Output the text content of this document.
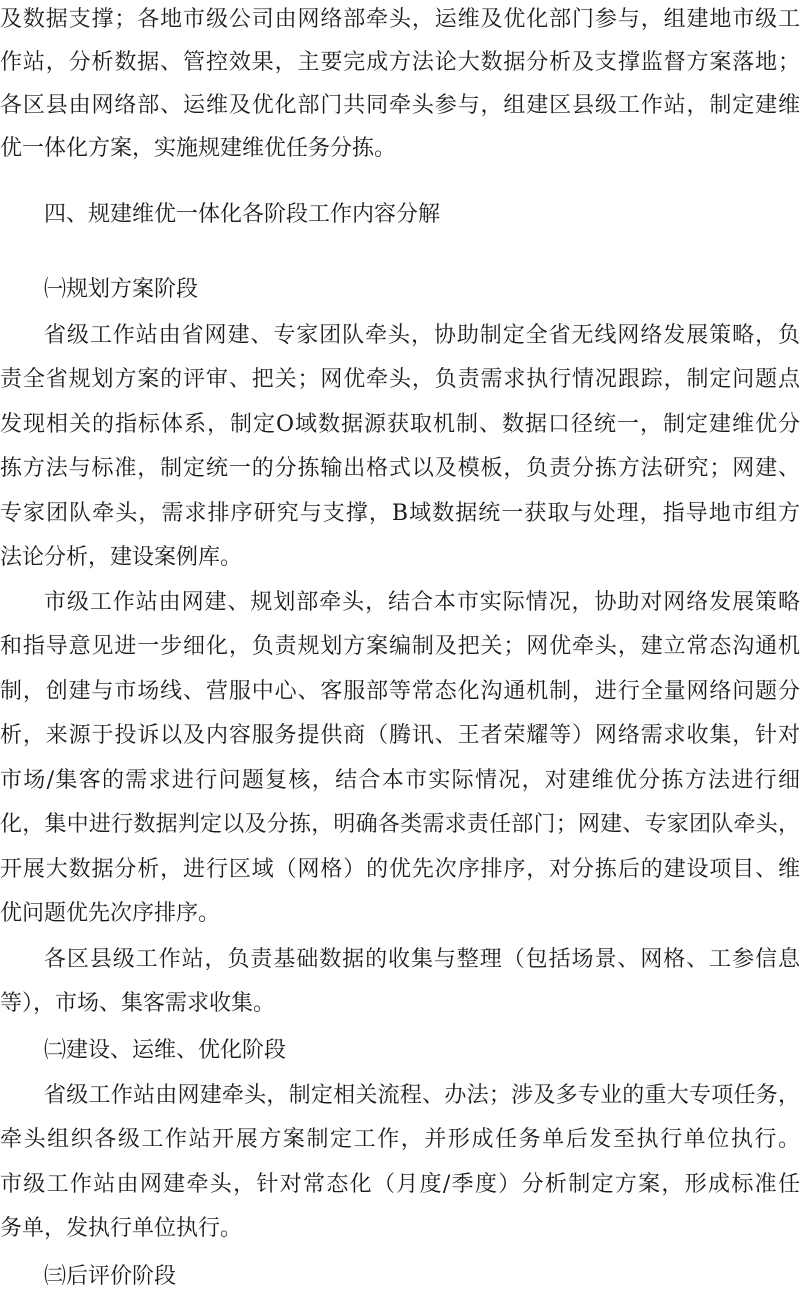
及数据支撑；各地市级公司由网络部牵头，运维及优化部门参与，组建地市级工
作站，分析数据、管控效果，主要完成方法论大数据分析及支撑监督方案落地；
各区县由网络部、运维及优化部门共同牵头参与，组建区县级工作站，制定建维
优一体化方案，实施规建维优任务分拣。
四、规建维优一体化各阶段工作内容分解
㈠规划方案阶段
省级工作站由省网建、专家团队牵头，协助制定全省无线网络发展策略，负
责全省规划方案的评审、把关；网优牵头，负责需求执行情况跟踪，制定问题点
发现相关的指标体系，制定O域数据源获取机制、数据口径统一，制定建维优分
拣方法与标准，制定统一的分拣输出格式以及模板，负责分拣方法研究；网建、
专家团队牵头，需求排序研究与支撑，B域数据统一获取与处理，指导地市组方
法论分析，建设案例库。
市级工作站由网建、规划部牵头，结合本市实际情况，协助对网络发展策略
和指导意见进一步细化，负责规划方案编制及把关；网优牵头，建立常态沟通机
制，创建与市场线、营服中心、客服部等常态化沟通机制，进行全量网络问题分
析，来源于投诉以及内容服务提供商（腾讯、王者荣耀等）网络需求收集，针对
市场/集客的需求进行问题复核，结合本市实际情况，对建维优分拣方法进行细
化，集中进行数据判定以及分拣，明确各类需求责任部门；网建、专家团队牵头，
开展大数据分析，进行区域（网格）的优先次序排序，对分拣后的建设项目、维
优问题优先次序排序。
各区县级工作站，负责基础数据的收集与整理（包括场景、网格、工参信息
等），市场、集客需求收集。
㈡建设、运维、优化阶段
省级工作站由网建牵头，制定相关流程、办法；涉及多专业的重大专项任务，
牵头组织各级工作站开展方案制定工作，并形成任务单后发至执行单位执行。
市级工作站由网建牵头，针对常态化（月度/季度）分析制定方案，形成标准任
务单，发执行单位执行。
㈢后评价阶段
